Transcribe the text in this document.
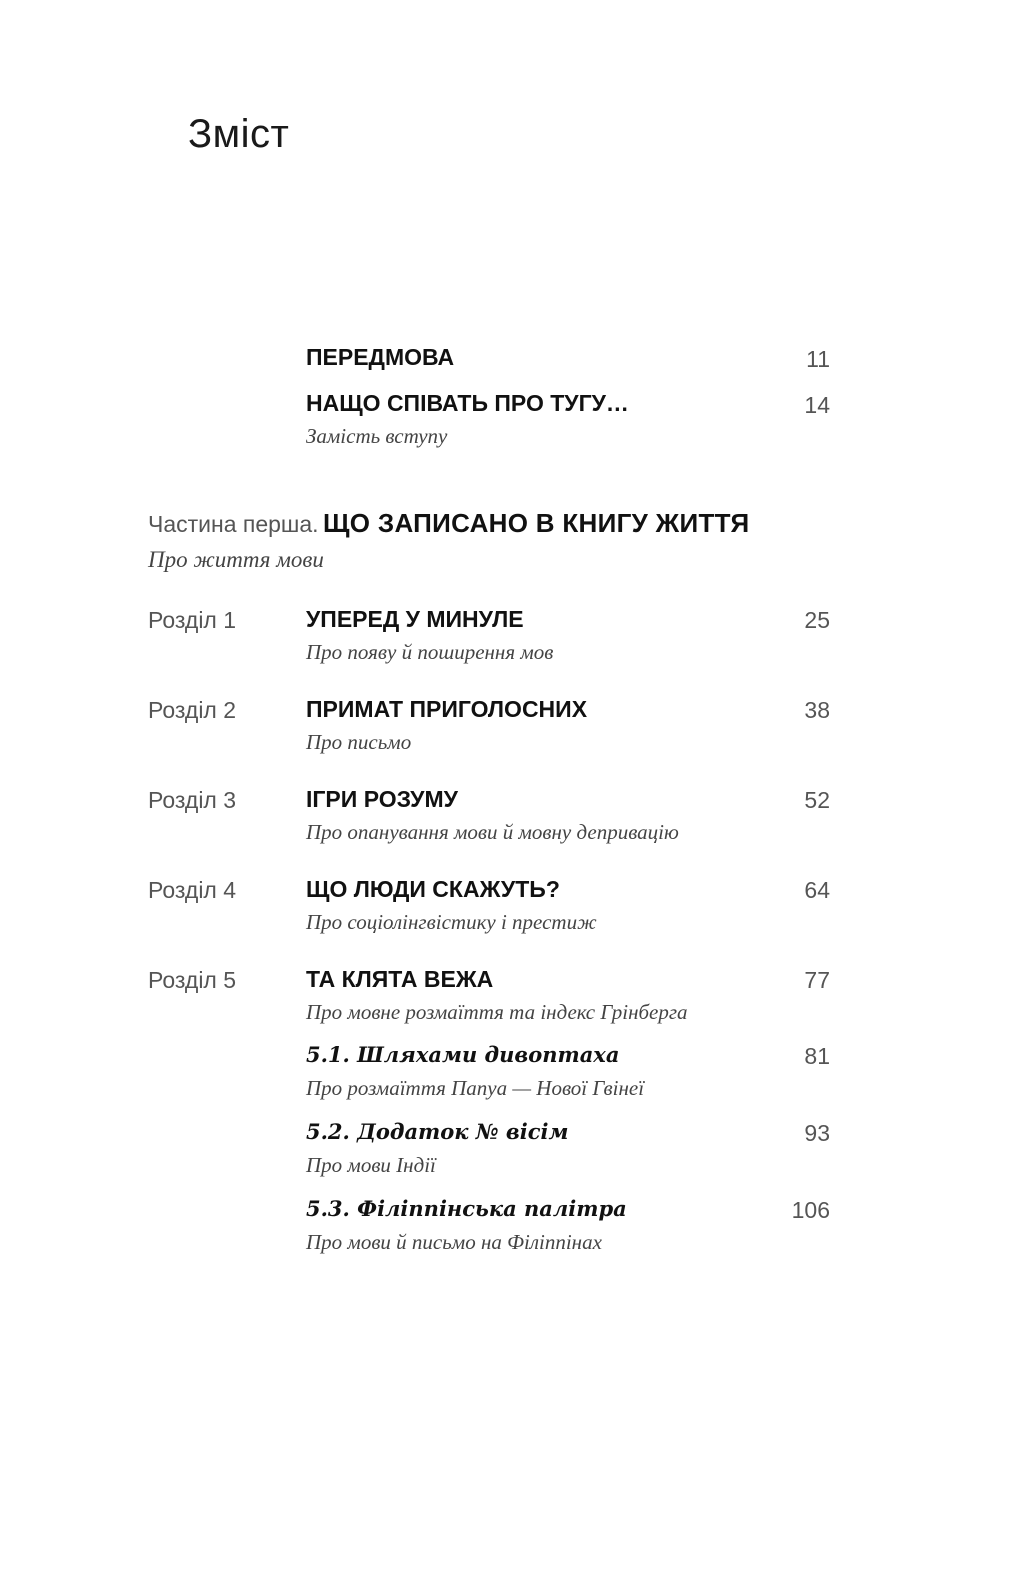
Зміст
ПЕРЕДМОВА	11
НАЩО СПІВАТЬ ПРО ТУГУ…	14
Замість вступу
Частина перша. ЩО ЗАПИСАНО В КНИГУ ЖИТТЯ
Про життя мови
Розділ 1	УПЕРЕД У МИНУЛЕ	25
Про появу й поширення мов
Розділ 2	ПРИМАТ ПРИГОЛОСНИХ	38
Про письмо
Розділ 3	ІГРИ РОЗУМУ	52
Про опанування мови й мовну депривацію
Розділ 4	ЩО ЛЮДИ СКАЖУТЬ?	64
Про соціолінгвістику і престиж
Розділ 5	ТА КЛЯТА ВЕЖА	77
Про мовне розмаїття та індекс Грінберга
5.1. Шляхами дивоптаха	81
Про розмаїття Папуа — Нової Гвінеї
5.2. Додаток № вісім	93
Про мови Індії
5.3. Філіппінська палітра	106
Про мови й письмо на Філіппінах
